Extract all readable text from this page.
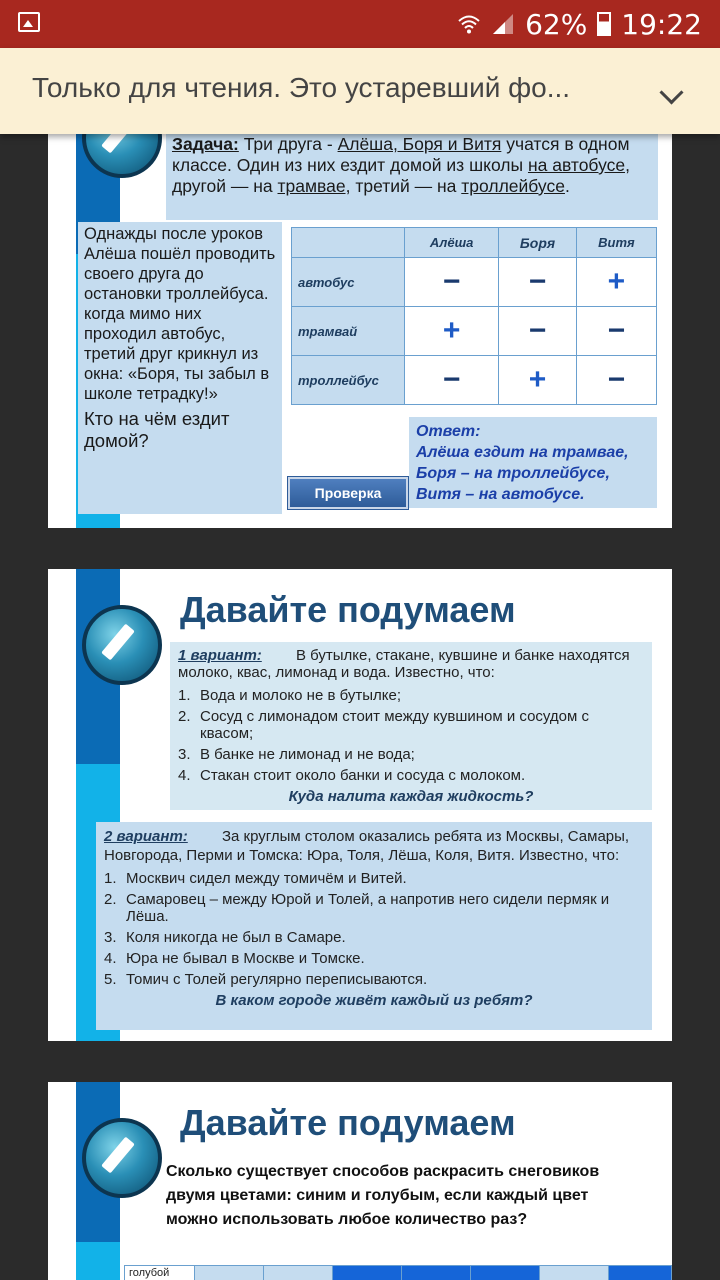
62% 19:22
Только для чтения. Это устаревший фо...
Задача: Три друга - Алёша, Боря и Витя учатся в одном классе. Один из них ездит домой из школы на автобусе, другой — на трамвае, третий — на троллейбусе.
Однажды после уроков Алёша пошёл проводить своего друга до остановки троллейбуса.
когда мимо них проходил автобус, третий друг крикнул из окна: «Боря, ты забыл в школе тетрадку!»
Кто на чём ездит домой?
	Алёша	Боря	Витя
автобус	−	−	+
трамвай	+	−	−
троллейбус	−	+	−
Проверка
Ответ:
Алёша ездит на трамвае,
Боря – на троллейбусе,
Витя – на автобусе.
Давайте подумаем
1 вариант: В бутылке, стакане, кувшине и банке находятся молоко, квас, лимонад и вода. Известно, что:
1. Вода и молоко не в бутылке;
2. Сосуд с лимонадом стоит между кувшином и сосудом с квасом;
3. В банке не лимонад и не вода;
4. Стакан стоит около банки и сосуда с молоком.
Куда налита каждая жидкость?
2 вариант: За круглым столом оказались ребята из Москвы, Самары, Новгорода, Перми и Томска: Юра, Толя, Лёша, Коля, Витя. Известно, что:
1. Москвич сидел между томичём и Витей.
2. Самаровец – между Юрой и Толей, а напротив него сидели пермяк и Лёша.
3. Коля никогда не был в Самаре.
4. Юра не бывал в Москве и Томске.
5. Томич с Толей регулярно переписываются.
В каком городе живёт каждый из ребят?
Давайте подумаем
Сколько существует способов раскрасить снеговиков двумя цветами: синим и голубым, если каждый цвет можно использовать любое количество раз?
голубой							
